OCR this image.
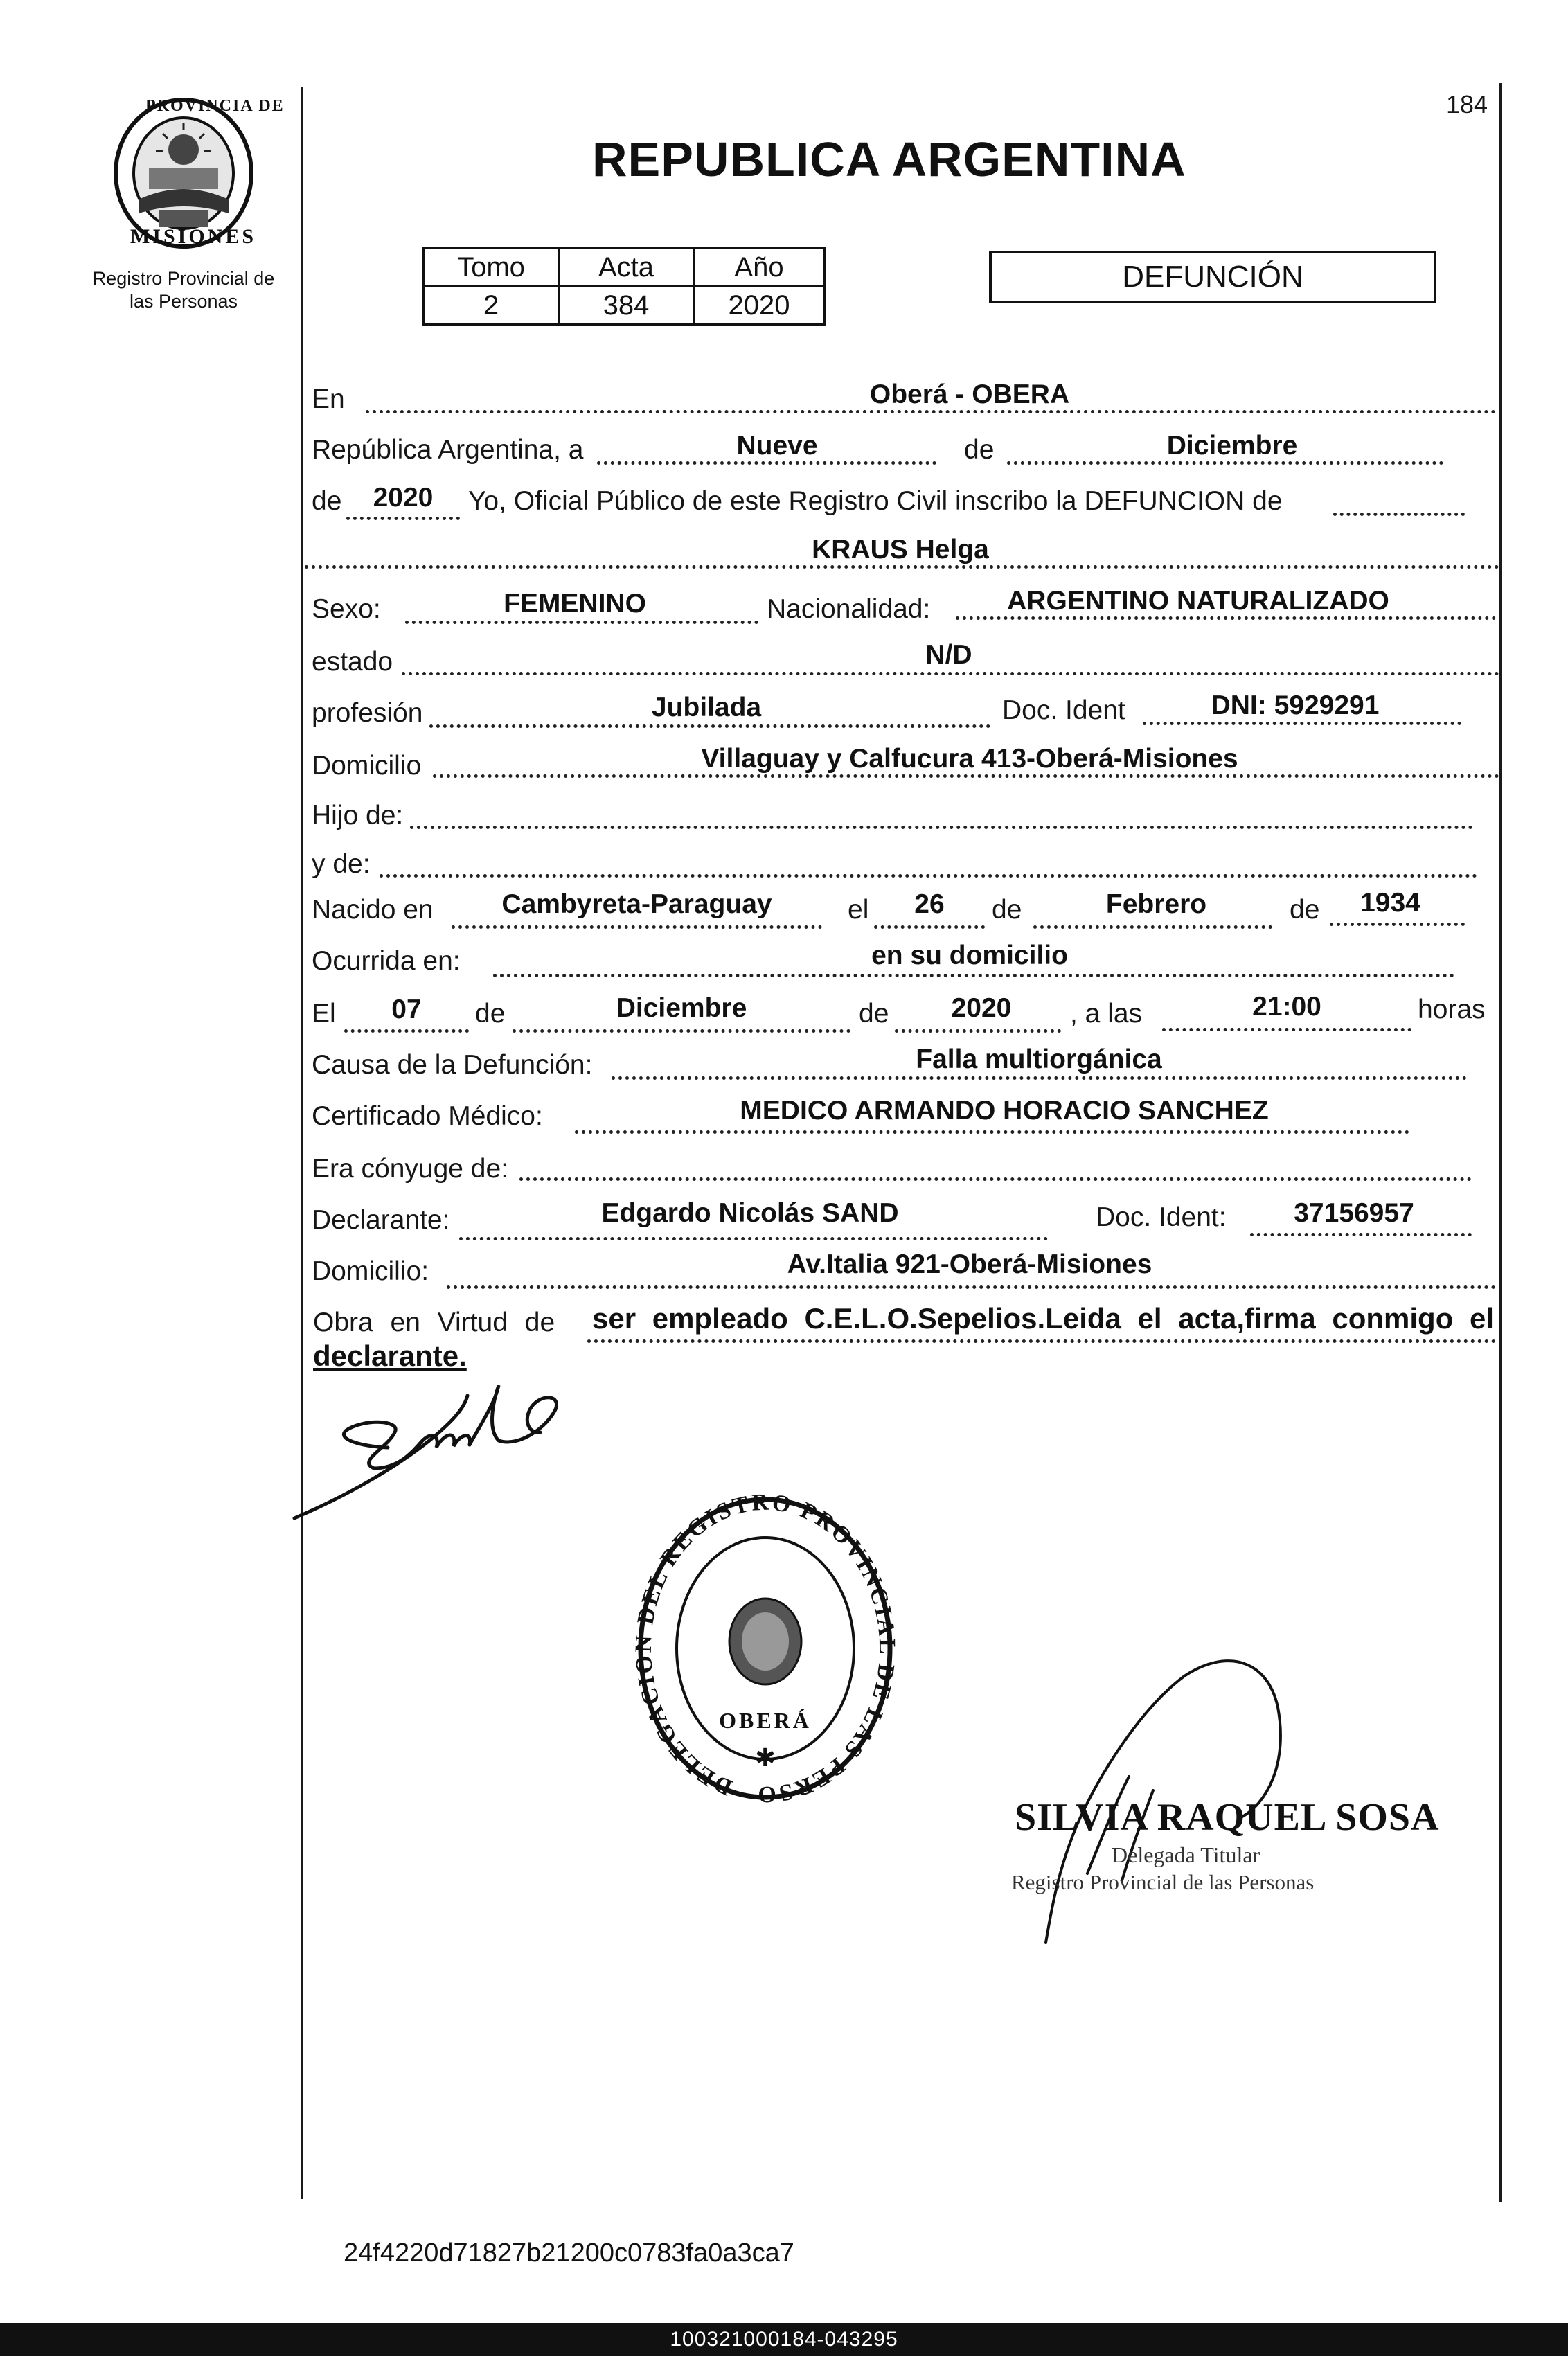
184
PROVINCIA DE
MISIONES
Registro Provincial de
las Personas
REPUBLICA ARGENTINA
Tomo	Acta	Año
2	384	2020
DEFUNCIÓN
En	Oberá - OBERA
República Argentina, a	Nueve	de	Diciembre
de	2020	Yo, Oficial Público de este Registro Civil inscribo la DEFUNCION de
KRAUS Helga
Sexo:	FEMENINO	Nacionalidad:	ARGENTINO NATURALIZADO
estado	N/D
profesión	Jubilada	Doc. Ident	DNI: 5929291
Domicilio	Villaguay y Calfucura 413-Oberá-Misiones
Hijo de:
y de:
Nacido en	Cambyreta-Paraguay	el	26	de	Febrero	de	1934
Ocurrida en:	en su domicilio
El	07	de	Diciembre	de	2020	, a las	21:00	horas
Causa de la Defunción:	Falla multiorgánica
Certificado Médico:	MEDICO ARMANDO HORACIO SANCHEZ
Era cónyuge de:
Declarante:	Edgardo Nicolás SAND	Doc. Ident:	37156957
Domicilio:	Av.Italia 921-Oberá-Misiones
Obra en Virtud de ser empleado C.E.L.O.Sepelios.Leida el acta,firma conmigo el
declarante.
DELEGACION DEL REGISTRO PROVINCIAL DE LAS PERSO
OBERÁ
✱
SILVIA RAQUEL SOSA
Delegada Titular
Registro Provincial de las Personas
24f4220d71827b21200c0783fa0a3ca7
100321000184-043295
